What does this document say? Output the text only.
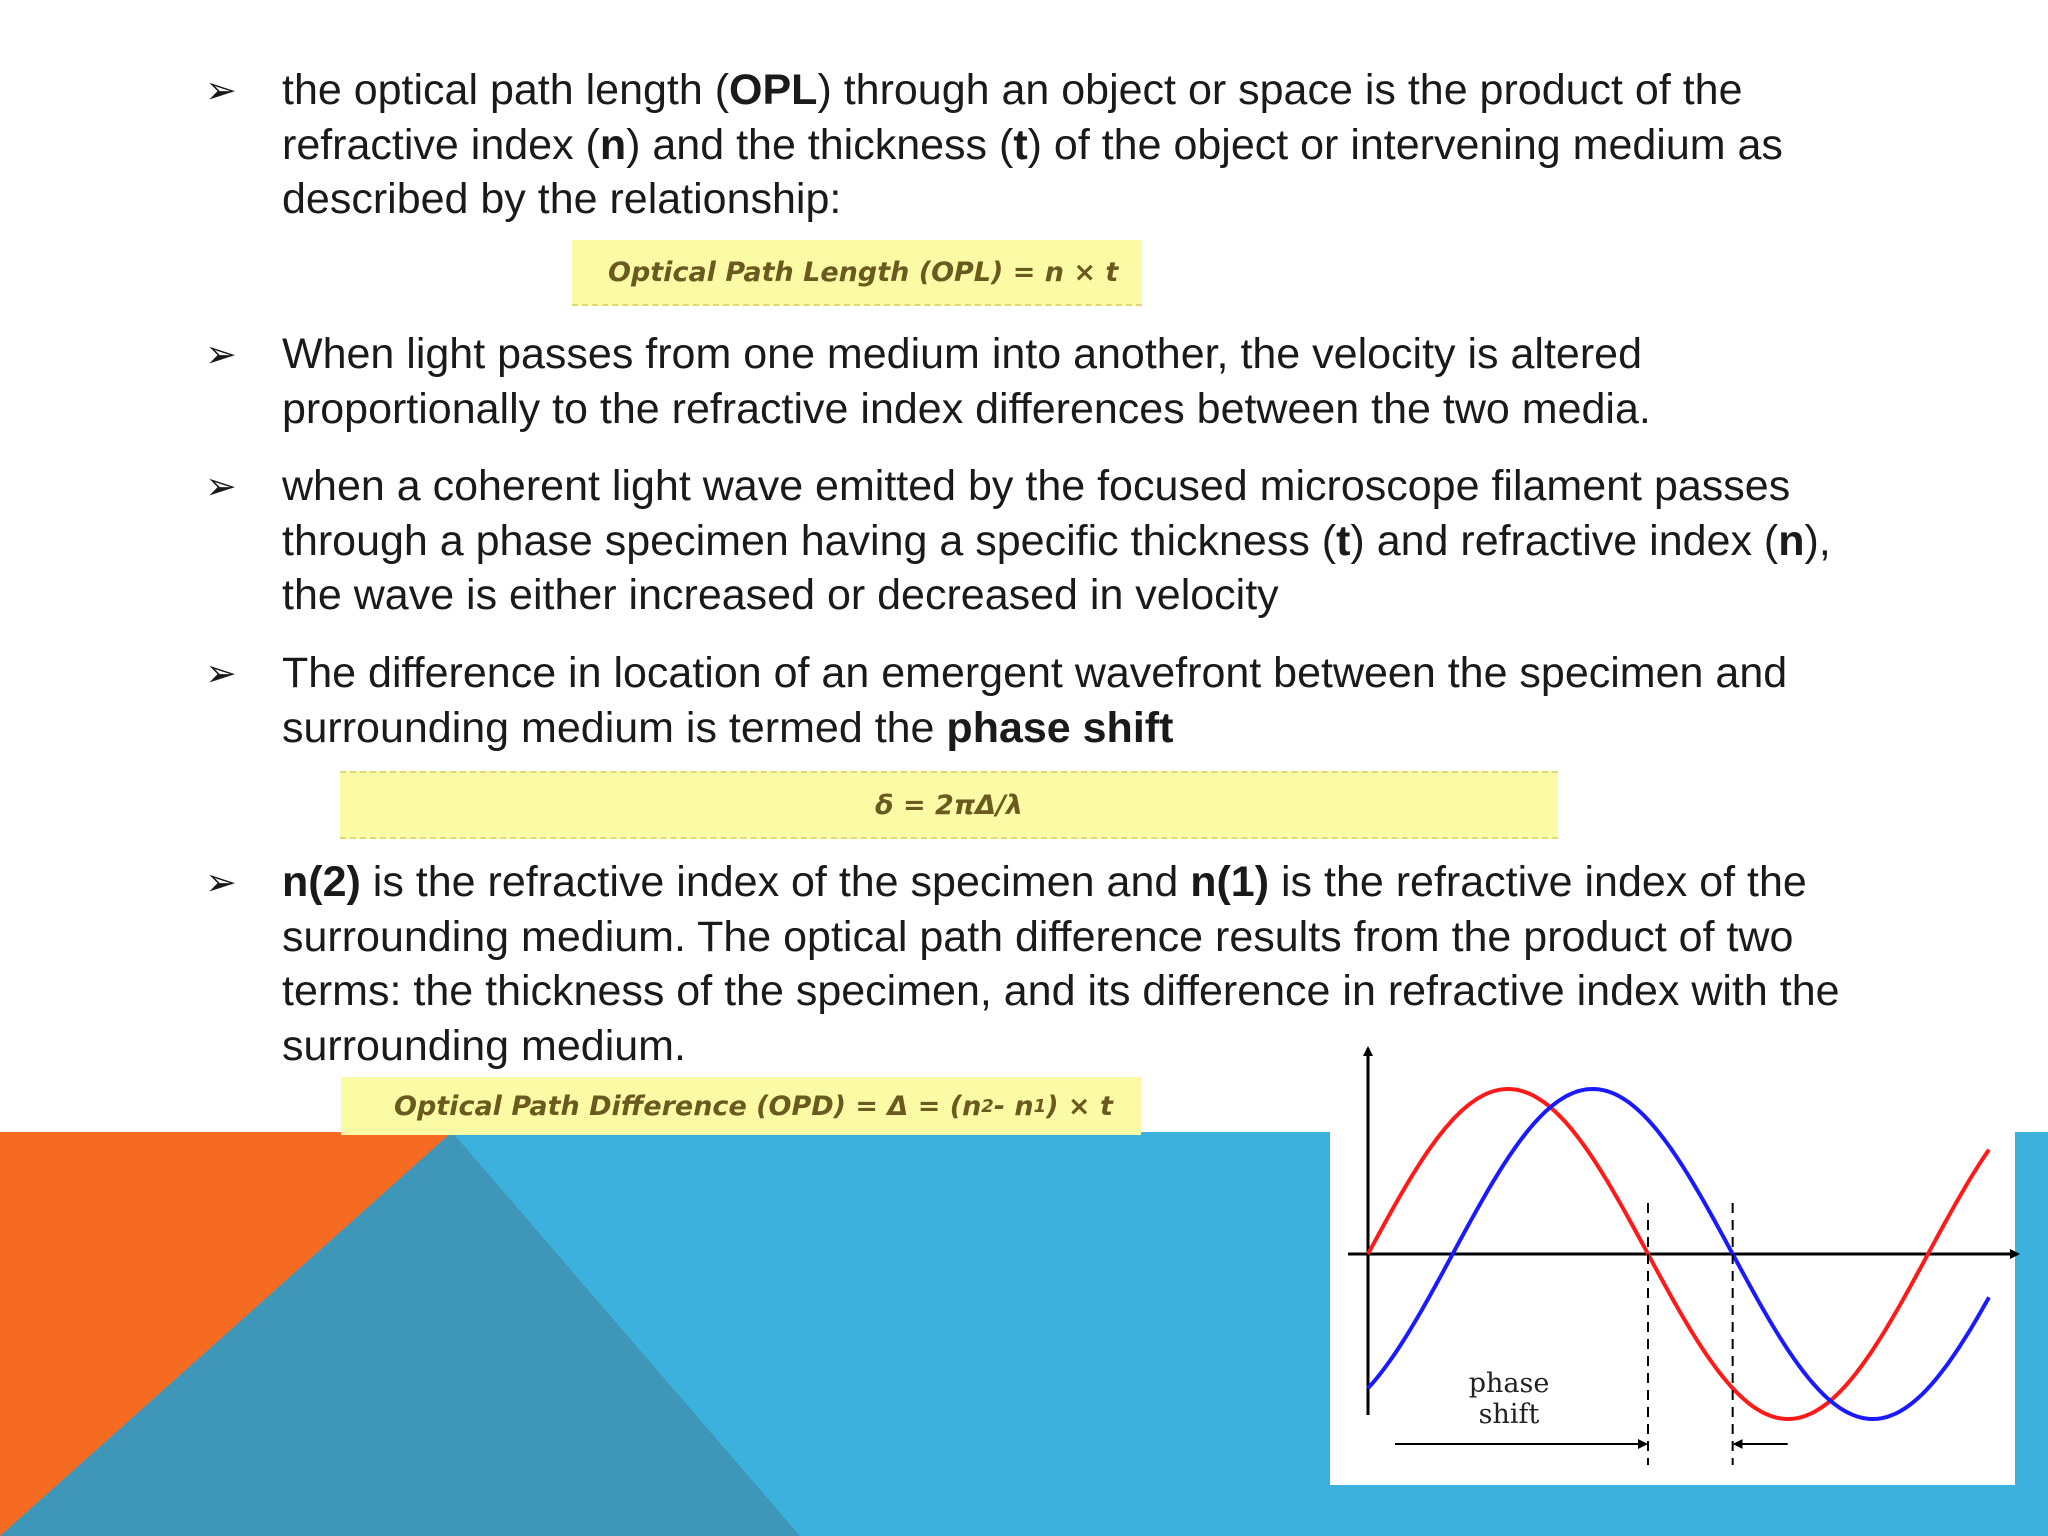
➢ the optical path length (OPL) through an object or space is the product of the refractive index (n) and the thickness (t) of the object or intervening medium as described by the relationship:
Optical Path Length (OPL) = n × t
➢ When light passes from one medium into another, the velocity is altered proportionally to the refractive index differences between the two media.
➢ when a coherent light wave emitted by the focused microscope filament passes through a phase specimen having a specific thickness (t) and refractive index (n), the wave is either increased or decreased in velocity
➢ The difference in location of an emergent wavefront between the specimen and surrounding medium is termed the phase shift
δ = 2πΔ/λ
➢ n(2) is the refractive index of the specimen and n(1) is the refractive index of the surrounding medium. The optical path difference results from the product of two terms: the thickness of the specimen, and its difference in refractive index with the surrounding medium.
Optical Path Difference (OPD) = Δ = (n 2 - n 1 ) × t
phase
shift
